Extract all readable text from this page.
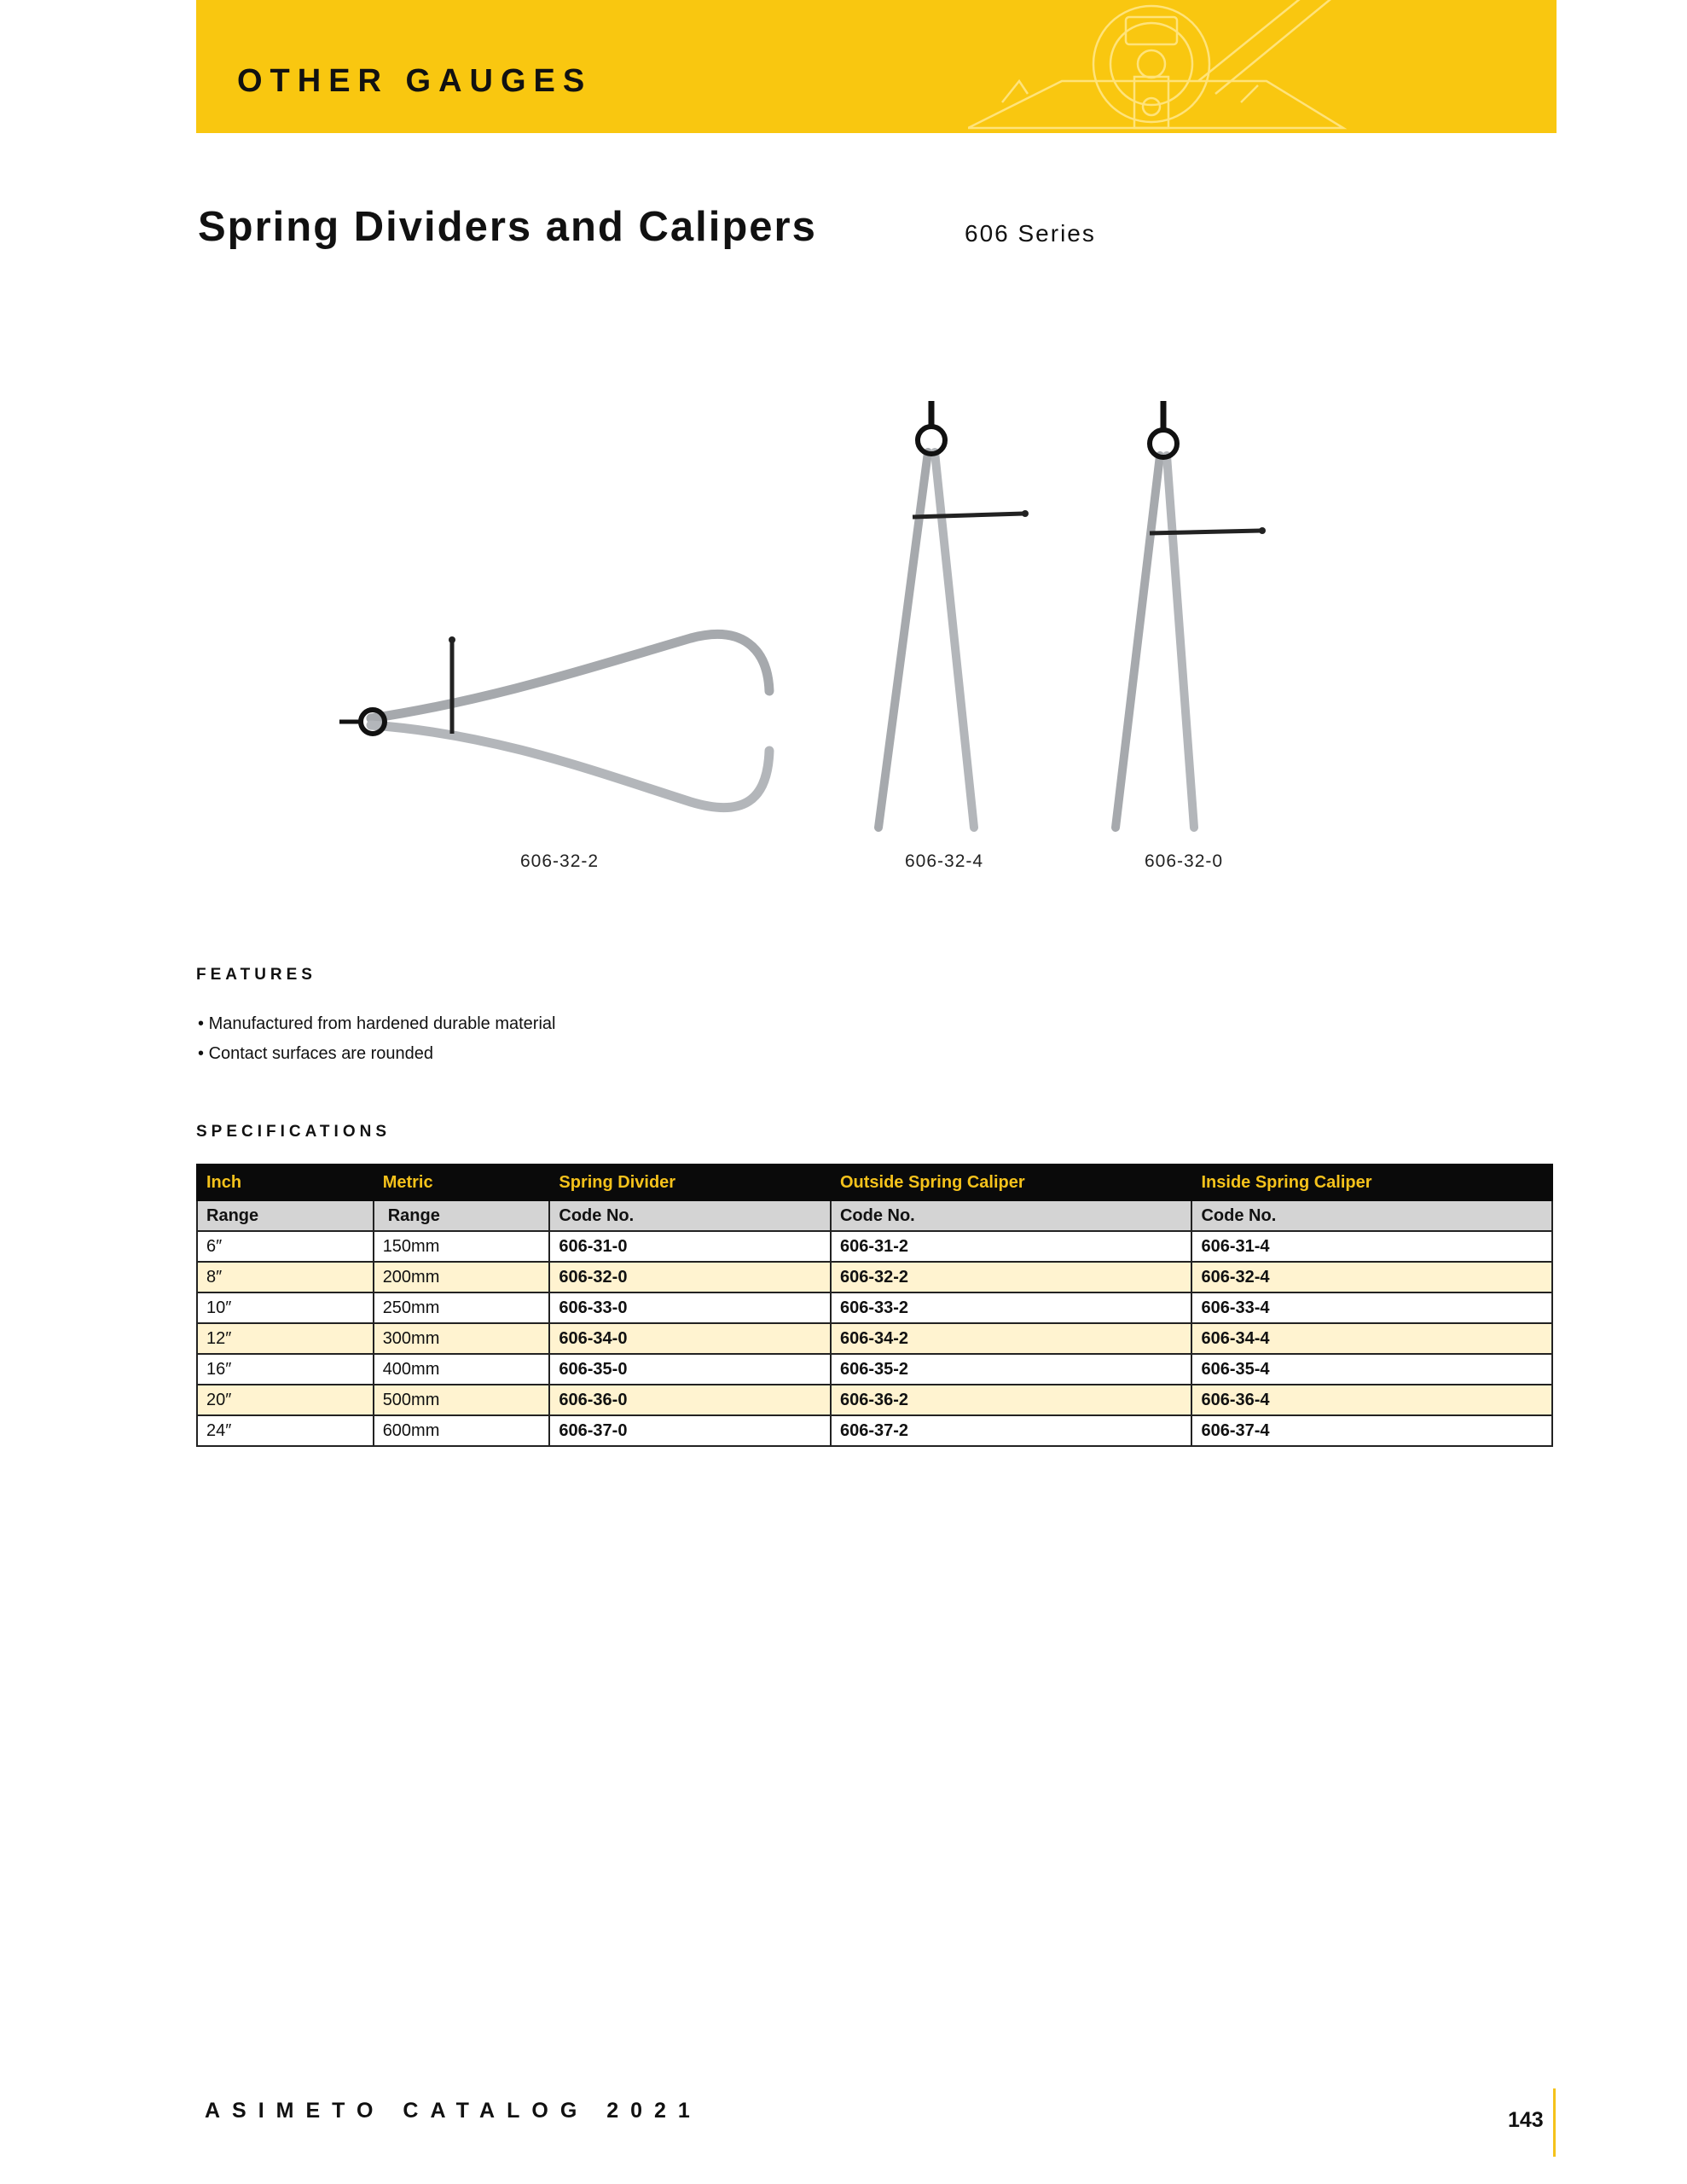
OTHER GAUGES
Spring Dividers and Calipers	606 Series
606-32-2	606-32-4	606-32-0
FEATURES
• Manufactured from hardened durable material
• Contact surfaces are rounded
SPECIFICATIONS
Inch	Metric	Spring Divider	Outside Spring Caliper	Inside Spring Caliper
Range	Range	Code No.	Code No.	Code No.
6″	150mm	606-31-0	606-31-2	606-31-4
8″	200mm	606-32-0	606-32-2	606-32-4
10″	250mm	606-33-0	606-33-2	606-33-4
12″	300mm	606-34-0	606-34-2	606-34-4
16″	400mm	606-35-0	606-35-2	606-35-4
20″	500mm	606-36-0	606-36-2	606-36-4
24″	600mm	606-37-0	606-37-2	606-37-4
ASIMETO CATALOG 2021	143
